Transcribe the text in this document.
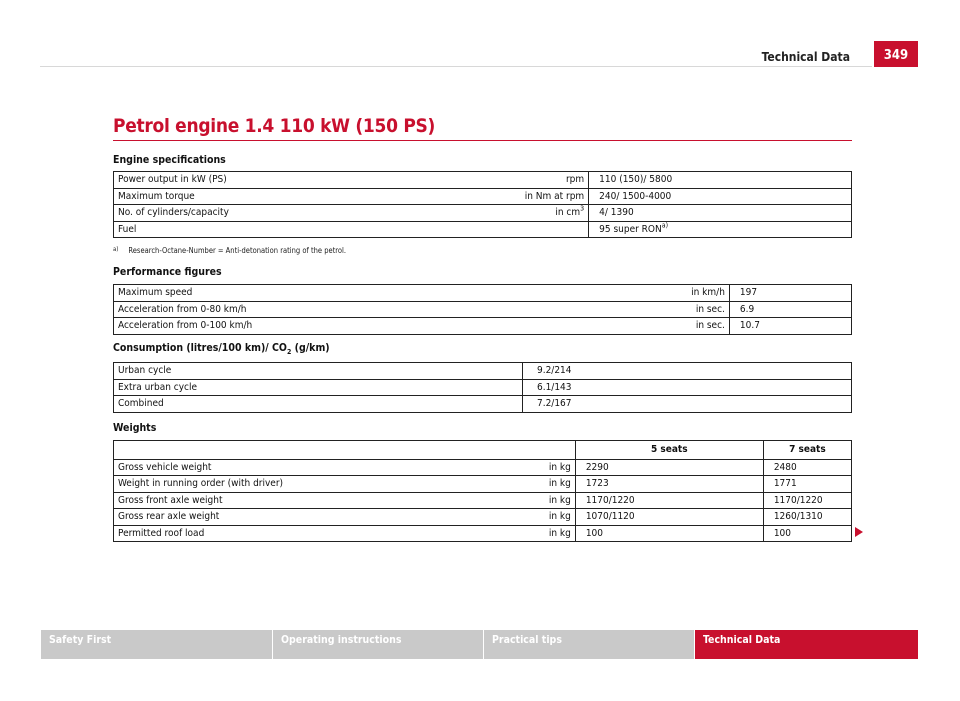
Technical Data	349
Petrol engine 1.4 110 kW (150 PS)
Engine specifications
Power output in kW (PS)	rpm	110 (150)/ 5800
Maximum torque	in Nm at rpm	240/ 1500-4000
No. of cylinders/capacity	in $cm^3$	4/ 1390
Fuel		95 super RON$^{a)}$
$^{a)}$ Research-Octane-Number = Anti-detonation rating of the petrol.
Performance figures
Maximum speed	in km/h	197
Acceleration from 0-80 km/h	in sec.	6.9
Acceleration from 0-100 km/h	in sec.	10.7
Consumption (litres/100 km)/ $CO_2$ (g/km)
Urban cycle	9.2/214
Extra urban cycle	6.1/143
Combined	7.2/167
Weights
		5 seats	7 seats
Gross vehicle weight	in kg	2290	2480
Weight in running order (with driver)	in kg	1723	1771
Gross front axle weight	in kg	1170/1220	1170/1220
Gross rear axle weight	in kg	1070/1120	1260/1310
Permitted roof load	in kg	100	100
Safety First	Operating instructions	Practical tips	Technical Data
